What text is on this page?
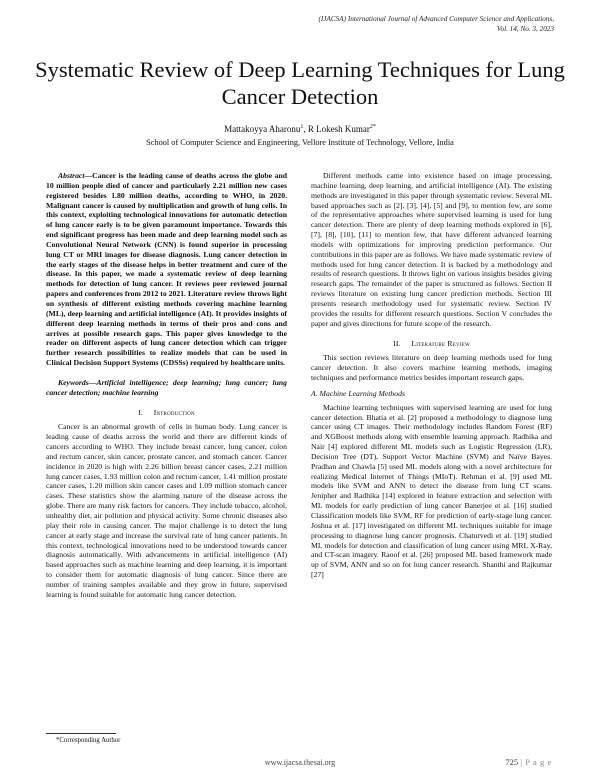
(IJACSA) International Journal of Advanced Computer Science and Applications,
Vol. 14, No. 3, 2023
Systematic Review of Deep Learning Techniques for Lung Cancer Detection
Mattakoyya Aharonu$^1$, R Lokesh Kumar$^{2*}$
School of Computer Science and Engineering, Vellore Institute of Technology, Vellore, India

Abstract—Cancer is the leading cause of deaths across the globe and 10 million people died of cancer and particularly 2.21 million new cases registered besides 1.80 million deaths, according to WHO, in 2020. Malignant cancer is caused by multiplication and growth of lung cells. In this context, exploiting technological innovations for automatic detection of lung cancer early is to be given paramount importance. Towards this end significant progress has been made and deep learning model such as Convolutional Neural Network (CNN) is found superior in processing lung CT or MRI images for disease diagnosis. Lung cancer detection in the early stages of the disease helps in better treatment and cure of the disease. In this paper, we made a systematic review of deep learning methods for detection of lung cancer. It reviews peer reviewed journal papers and conferences from 2012 to 2021. Literature review throws light on synthesis of different existing methods covering machine learning (ML), deep learning and artificial intelligence (AI). It provides insights of different deep learning methods in terms of their pros and cons and arrives at possible research gaps. This paper gives knowledge to the reader on different aspects of lung cancer detection which can trigger further research possibilities to realize models that can be used in Clinical Decision Support Systems (CDSSs) required by healthcare units.

Keywords—Artificial intelligence; deep learning; lung cancer; lung cancer detection; machine learning

I. Introduction

Cancer is an abnormal growth of cells in human body. Lung cancer is leading cause of deaths across the world and there are different kinds of cancers according to WHO. They include breast cancer, lung cancer, colon and rectum cancer, skin cancer, prostate cancer, and stomach cancer. Cancer incidence in 2020 is high with 2.26 billion breast cancer cases, 2.21 million lung cancer cases, 1.93 million colon and rectum cancer, 1.41 million prostate cancer cases, 1.20 million skin cancer cases and 1.09 million stomach cancer cases. These statistics show the alarming nature of the disease across the globe. There are many risk factors for cancers. They include tobacco, alcohol, unhealthy diet, air pollution and physical activity. Some chronic diseases also play their role in causing cancer. The major challenge is to detect the lung cancer at early stage and increase the survival rate of lung cancer patients. In this context, technological innovations need to be understood towards cancer diagnosis automatically. With advancements in artificial intelligence (AI) based approaches such as machine learning and deep learning, it is important to consider them for automatic diagnosis of lung cancer. Since there are number of training samples available and they grow in future, supervised learning is found suitable for automatic lung cancer detection.

Different methods came into existence based on image processing, machine learning, deep learning, and artificial intelligence (AI). The existing methods are investigated in this paper through systematic review. Several ML based approaches such as [2], [3], [4], [5] and [9], to mention few, are some of the representative approaches where supervised learning is used for lung cancer detection. There are plenty of deep learning methods explored in [6], [7], [8], [10], [11] to mention few, that have different advanced learning models with optimizations for improving prediction performance. Our contributions in this paper are as follows. We have made systematic review of methods used for lung cancer detection. It is backed by a methodology and results of research questions. It throws light on various insights besides giving research gaps. The remainder of the paper is structured as follows. Section II reviews literature on existing lung cancer prediction methods. Section III presents research methodology used for systematic review. Section IV provides the results for different research questions. Section V concludes the paper and gives directions for future scope of the research.

II. Literature Review

This section reviews literature on deep learning methods used for lung cancer detection. It also covers machine learning methods, imaging techniques and performance metrics besides important research gaps.

A. Machine Learning Methods

Machine learning techniques with supervised learning are used for lung cancer detection. Bhatia et al. [2] proposed a methodology to diagnose lung cancer using CT images. Their methodology includes Random Forest (RF) and XGBoost methods along with ensemble learning approach. Radhika and Nair [4] explored different ML models such as Logistic Regression (LR), Decision Tree (DT), Support Vector Machine (SVM) and Naïve Bayes. Pradhan and Chawla [5] used ML models along with a novel architecture for realizing Medical Internet of Things (MIoT). Rehman et al. [9] used ML models like SVM and ANN to detect the disease from lung CT scans. Jenipher and Radhika [14] explored in feature extraction and selection with ML models for early prediction of lung cancer Banerjee et al. [16] studied Classification models like SVM, RF for prediction of early-stage lung cancer. Joshua et al. [17] investigated on different ML techniques suitable for image processing to diagnose lung cancer prognosis. Chaturvedi et al. [19] studied ML models for detection and classification of lung cancer using MRI, X-Ray, and CT-scan imagery. Raoof et al. [26] proposed ML based framework made up of SVM, ANN and so on for lung cancer research. Shanthi and Rajkumar [27]

*Corresponding Author
www.ijacsa.thesai.org	725 | P a g e
